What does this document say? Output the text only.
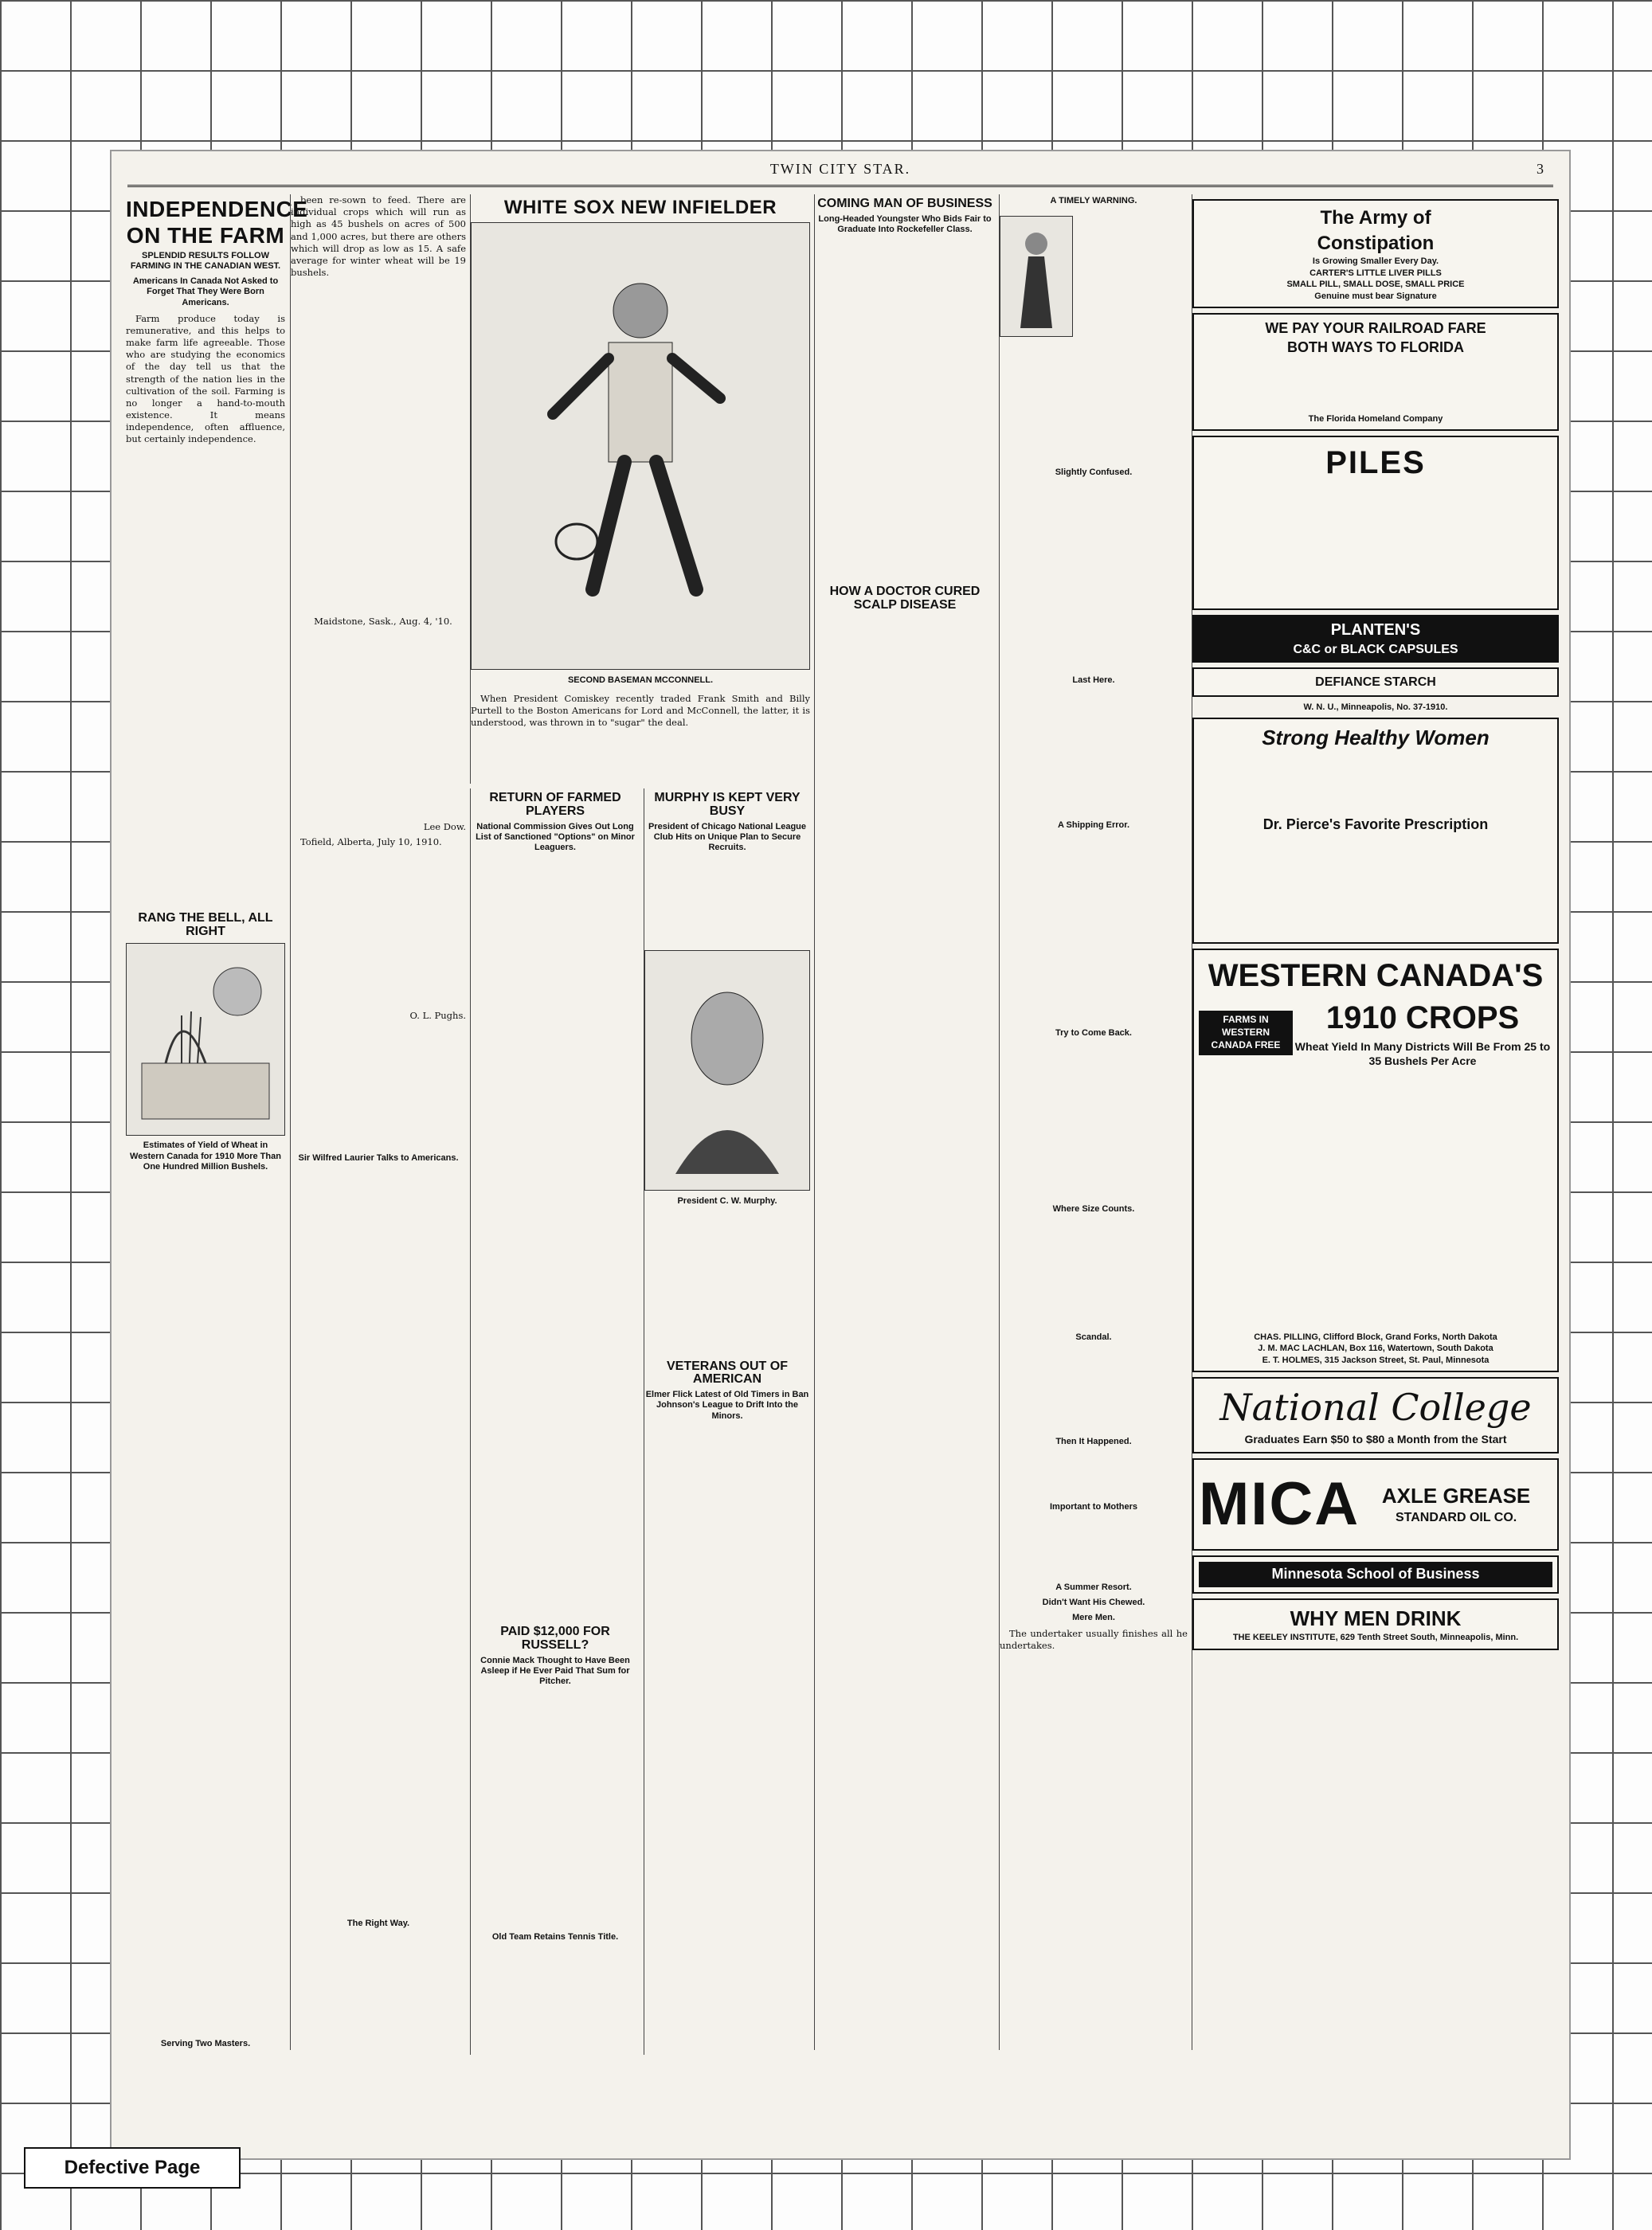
TWIN CITY STAR.	3
INDEPENDENCE
ON THE FARM
SPLENDID RESULTS FOLLOW FARMING IN THE CANADIAN WEST.
Americans In Canada Not Asked to Forget That They Were Born Americans.

Farm produce today is remunerative, and this helps to make farm life agreeable. Those who are studying the economics of the day tell us that the strength of the nation lies in the cultivation of the soil. Farming is no longer a hand-to-mouth existence. It means independence, often affluence, but certainly independence.

RANG THE BELL, ALL RIGHT
Estimates of Yield of Wheat in Western Canada for 1910 More Than One Hundred Million Bushels.
Serving Two Masters.

been re-sown to feed. There are individual crops which will run as high as 45 bushels on acres of 500 and 1,000 acres, but there are others which will drop as low as 15. A safe average for winter wheat will be 19 bushels.

Maidstone, Sask., Aug. 4, '10.

Lee Dow.

Tofield, Alberta, July 10, 1910.

O. L. Pughs.

Sir Wilfred Laurier Talks to Americans.
The Right Way.
WHITE SOX NEW INFIELDER
SECOND BASEMAN MCCONNELL.

When President Comiskey recently traded Frank Smith and Billy Purtell to the Boston Americans for Lord and McConnell, the latter, it is understood, was thrown in to "sugar" the deal.

COMING MAN OF BUSINESS
Long-Headed Youngster Who Bids Fair to Graduate Into Rockefeller Class.
HOW A DOCTOR CURED SCALP DISEASE
RETURN OF FARMED PLAYERS
National Commission Gives Out Long List of Sanctioned "Options" on Minor Leaguers.
PAID $12,000 FOR RUSSELL?
Connie Mack Thought to Have Been Asleep if He Ever Paid That Sum for Pitcher.
Old Team Retains Tennis Title.
MURPHY IS KEPT VERY BUSY
President of Chicago National League Club Hits on Unique Plan to Secure Recruits.
President C. W. Murphy.
VETERANS OUT OF AMERICAN
Elmer Flick Latest of Old Timers in Ban Johnson's League to Drift Into the Minors.
A TIMELY WARNING.
Slightly Confused.
Last Here.
A Shipping Error.
Try to Come Back.
Where Size Counts.
Scandal.
Then It Happened.
Important to Mothers
A Summer Resort.
Didn't Want His Chewed.
Mere Men.

The undertaker usually finishes all he undertakes.

The Army of
Constipation
Is Growing Smaller Every Day.
CARTER'S LITTLE LIVER PILLS
SMALL PILL, SMALL DOSE, SMALL PRICE
Genuine must bear Signature
WE PAY YOUR RAILROAD FARE
BOTH WAYS TO FLORIDA
The Florida Homeland Company
PILES
PLANTEN'S
C&C or BLACK CAPSULES
DEFIANCE STARCH
W. N. U., Minneapolis, No. 37-1910.
Strong Healthy Women
Dr. Pierce's Favorite Prescription
WESTERN CANADA'S
FARMS IN WESTERN CANADA FREE
1910 CROPS
Wheat Yield In Many Districts Will Be From 25 to 35 Bushels Per Acre
CHAS. PILLING, Clifford Block, Grand Forks, North Dakota
J. M. MAC LACHLAN, Box 116, Watertown, South Dakota
E. T. HOLMES, 315 Jackson Street, St. Paul, Minnesota
National College
Graduates Earn $50 to $80 a Month from the Start
MICA	AXLE GREASE
STANDARD OIL CO.
Minnesota School of Business
WHY MEN DRINK
THE KEELEY INSTITUTE, 629 Tenth Street South, Minneapolis, Minn.
Defective Page
